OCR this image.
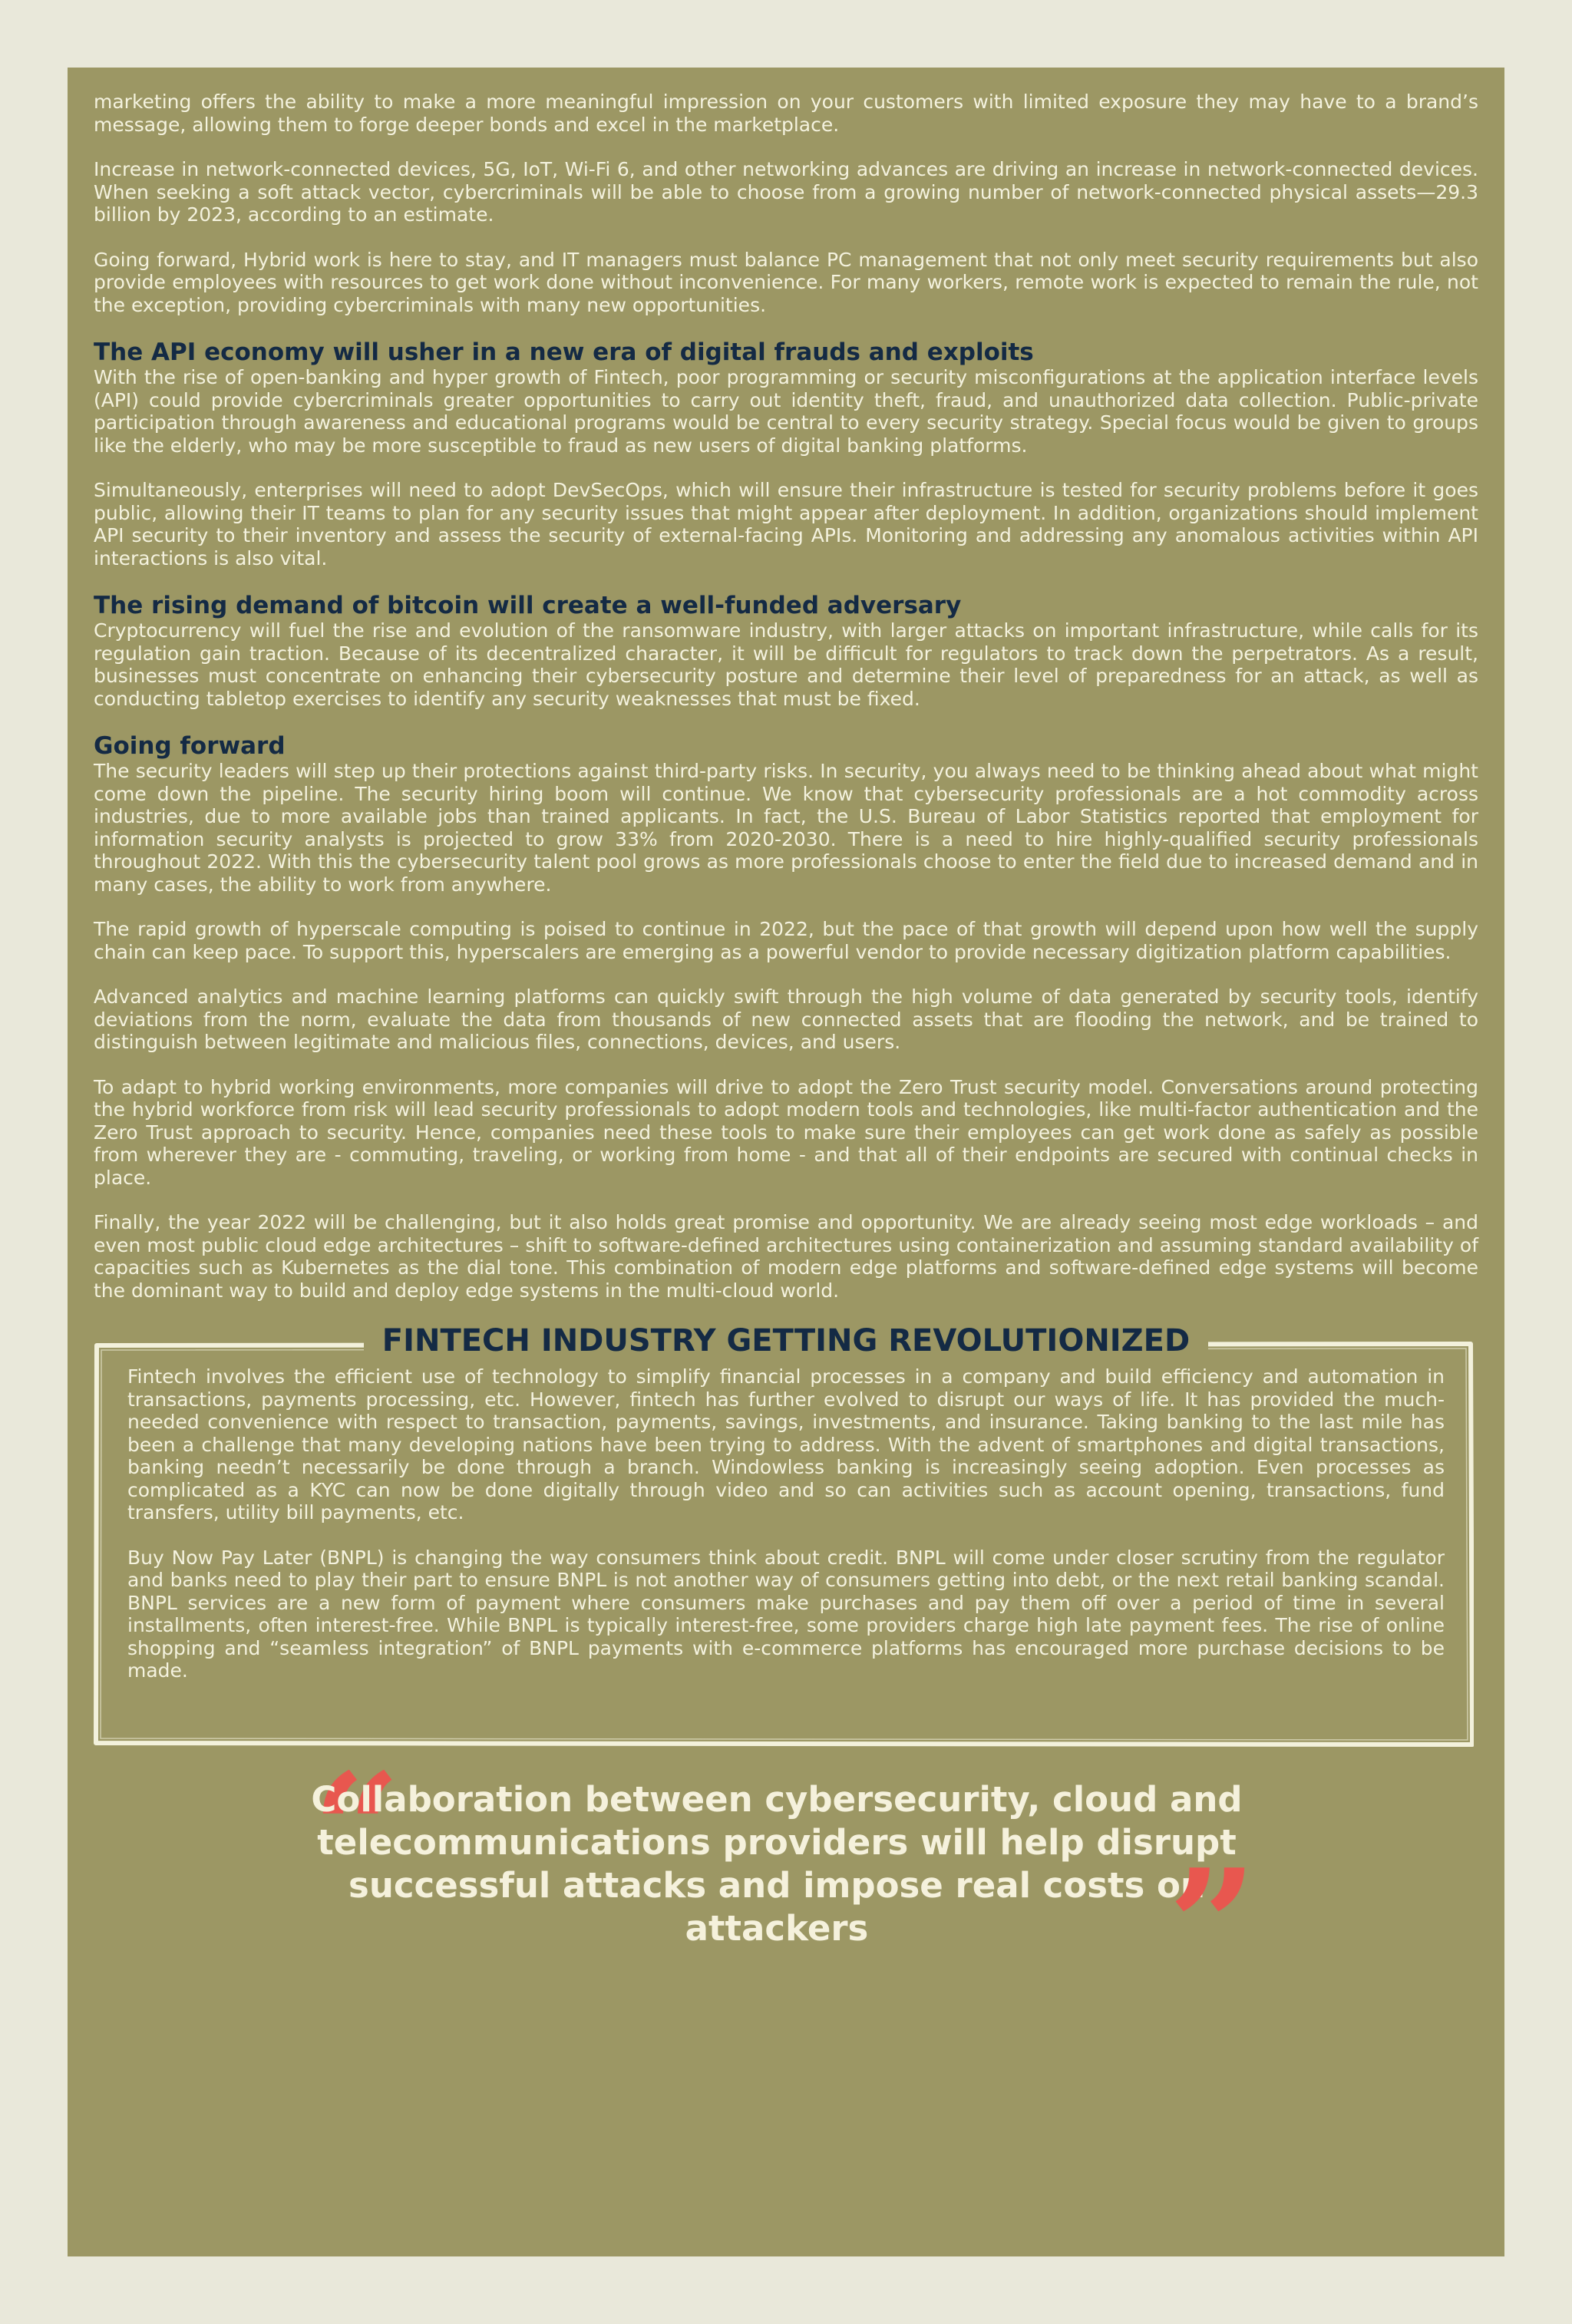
marketing offers the ability to make a more meaningful impression on your customers with limited exposure they may have to a brand’s message, allowing them to forge deeper bonds and excel in the marketplace.

Increase in network-connected devices, 5G, IoT, Wi-Fi 6, and other networking advances are driving an increase in network-connected devices. When seeking a soft attack vector, cybercriminals will be able to choose from a growing number of network-connected physical assets—29.3 billion by 2023, according to an estimate.

Going forward, Hybrid work is here to stay, and IT managers must balance PC management that not only meet security requirements but also provide employees with resources to get work done without inconvenience. For many workers, remote work is expected to remain the rule, not the exception, providing cybercriminals with many new opportunities.

The API economy will usher in a new era of digital frauds and exploits

With the rise of open-banking and hyper growth of Fintech, poor programming or security misconfigurations at the application interface levels (API) could provide cybercriminals greater opportunities to carry out identity theft, fraud, and unauthorized data collection. Public-private participation through awareness and educational programs would be central to every security strategy. Special focus would be given to groups like the elderly, who may be more susceptible to fraud as new users of digital banking platforms.

Simultaneously, enterprises will need to adopt DevSecOps, which will ensure their infrastructure is tested for security problems before it goes public, allowing their IT teams to plan for any security issues that might appear after deployment. In addition, organizations should implement API security to their inventory and assess the security of external-facing APIs. Monitoring and addressing any anomalous activities within API interactions is also vital.

The rising demand of bitcoin will create a well-funded adversary

Cryptocurrency will fuel the rise and evolution of the ransomware industry, with larger attacks on important infrastructure, while calls for its regulation gain traction. Because of its decentralized character, it will be difficult for regulators to track down the perpetrators. As a result, businesses must concentrate on enhancing their cybersecurity posture and determine their level of preparedness for an attack, as well as conducting tabletop exercises to identify any security weaknesses that must be fixed.

Going forward

The security leaders will step up their protections against third-party risks. In security, you always need to be thinking ahead about what might come down the pipeline. The security hiring boom will continue. We know that cybersecurity professionals are a hot commodity across industries, due to more available jobs than trained applicants. In fact, the U.S. Bureau of Labor Statistics reported that employment for information security analysts is projected to grow 33% from 2020-2030. There is a need to hire highly-qualified security professionals throughout 2022. With this the cybersecurity talent pool grows as more professionals choose to enter the field due to increased demand and in many cases, the ability to work from anywhere.

The rapid growth of hyperscale computing is poised to continue in 2022, but the pace of that growth will depend upon how well the supply chain can keep pace. To support this, hyperscalers are emerging as a powerful vendor to provide necessary digitization platform capabilities.

Advanced analytics and machine learning platforms can quickly swift through the high volume of data generated by security tools, identify deviations from the norm, evaluate the data from thousands of new connected assets that are flooding the network, and be trained to distinguish between legitimate and malicious files, connections, devices, and users.

To adapt to hybrid working environments, more companies will drive to adopt the Zero Trust security model. Conversations around protecting the hybrid workforce from risk will lead security professionals to adopt modern tools and technologies, like multi-factor authentication and the Zero Trust approach to security. Hence, companies need these tools to make sure their employees can get work done as safely as possible from wherever they are - commuting, traveling, or working from home - and that all of their endpoints are secured with continual checks in place.

Finally, the year 2022 will be challenging, but it also holds great promise and opportunity. We are already seeing most edge workloads – and even most public cloud edge architectures – shift to software-defined architectures using containerization and assuming standard availability of capacities such as Kubernetes as the dial tone. This combination of modern edge platforms and software-defined edge systems will become the dominant way to build and deploy edge systems in the multi-cloud world.

FINTECH INDUSTRY GETTING REVOLUTIONIZED

Fintech involves the efficient use of technology to simplify financial processes in a company and build efficiency and automation in transactions, payments processing, etc. However, fintech has further evolved to disrupt our ways of life. It has provided the much-needed convenience with respect to transaction, payments, savings, investments, and insurance. Taking banking to the last mile has been a challenge that many developing nations have been trying to address. With the advent of smartphones and digital transactions, banking needn’t necessarily be done through a branch. Windowless banking is increasingly seeing adoption. Even processes as complicated as a KYC can now be done digitally through video and so can activities such as account opening, transactions, fund transfers, utility bill payments, etc.

Buy Now Pay Later (BNPL) is changing the way consumers think about credit. BNPL will come under closer scrutiny from the regulator and banks need to play their part to ensure BNPL is not another way of consumers getting into debt, or the next retail banking scandal. BNPL services are a new form of payment where consumers make purchases and pay them off over a period of time in several installments, often interest-free. While BNPL is typically interest-free, some providers charge high late payment fees. The rise of online shopping and “seamless integration” of BNPL payments with e-commerce platforms has encouraged more purchase decisions to be made.

“
Collaboration between cybersecurity, cloud and telecommunications providers will help disrupt successful attacks and impose real costs on attackers	”
